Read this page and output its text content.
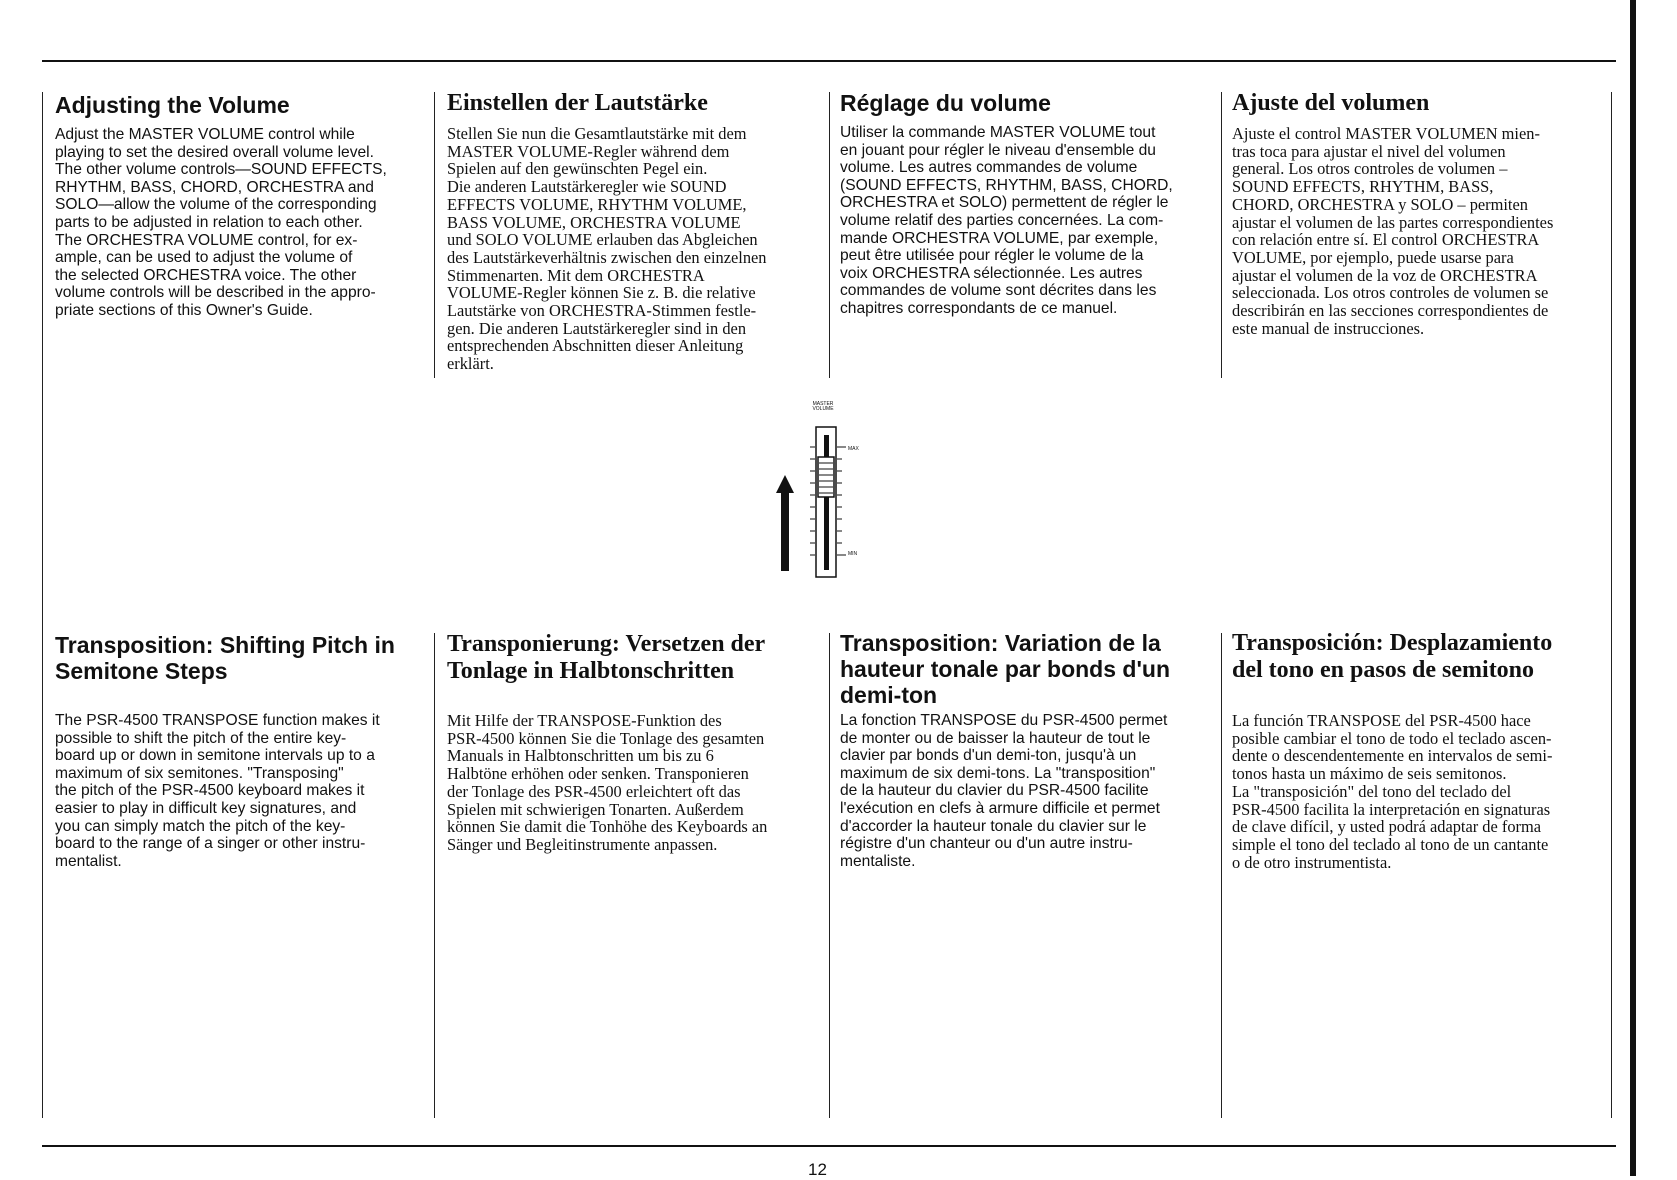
Adjusting the Volume

Adjust the MASTER VOLUME control while
playing to set the desired overall volume level.
The other volume controls—SOUND EFFECTS,
RHYTHM, BASS, CHORD, ORCHESTRA and
SOLO—allow the volume of the corresponding
parts to be adjusted in relation to each other.
The ORCHESTRA VOLUME control, for ex-
ample, can be used to adjust the volume of
the selected ORCHESTRA voice. The other
volume controls will be described in the appro-
priate sections of this Owner's Guide.

Einstellen der Lautstärke

Stellen Sie nun die Gesamtlautstärke mit dem
MASTER VOLUME-Regler während dem
Spielen auf den gewünschten Pegel ein.
Die anderen Lautstärkeregler wie SOUND
EFFECTS VOLUME, RHYTHM VOLUME,
BASS VOLUME, ORCHESTRA VOLUME
und SOLO VOLUME erlauben das Abgleichen
des Lautstärkeverhältnis zwischen den einzelnen
Stimmenarten. Mit dem ORCHESTRA
VOLUME-Regler können Sie z. B. die relative
Lautstärke von ORCHESTRA-Stimmen festle-
gen. Die anderen Lautstärkeregler sind in den
entsprechenden Abschnitten dieser Anleitung
erklärt.

Réglage du volume

Utiliser la commande MASTER VOLUME tout
en jouant pour régler le niveau d'ensemble du
volume. Les autres commandes de volume
(SOUND EFFECTS, RHYTHM, BASS, CHORD,
ORCHESTRA et SOLO) permettent de régler le
volume relatif des parties concernées. La com-
mande ORCHESTRA VOLUME, par exemple,
peut être utilisée pour régler le volume de la
voix ORCHESTRA sélectionnée. Les autres
commandes de volume sont décrites dans les
chapitres correspondants de ce manuel.

Ajuste del volumen

Ajuste el control MASTER VOLUMEN mien-
tras toca para ajustar el nivel del volumen
general. Los otros controles de volumen –
SOUND EFFECTS, RHYTHM, BASS,
CHORD, ORCHESTRA y SOLO – permiten
ajustar el volumen de las partes correspondientes
con relación entre sí. El control ORCHESTRA
VOLUME, por ejemplo, puede usarse para
ajustar el volumen de la voz de ORCHESTRA
seleccionada. Los otros controles de volumen se
describirán en las secciones correspondientes de
este manual de instrucciones.

MASTER
VOLUME
MAX
MIN
Transposition: Shifting Pitch in
Semitone Steps

The PSR-4500 TRANSPOSE function makes it
possible to shift the pitch of the entire key-
board up or down in semitone intervals up to a
maximum of six semitones. "Transposing"
the pitch of the PSR-4500 keyboard makes it
easier to play in difficult key signatures, and
you can simply match the pitch of the key-
board to the range of a singer or other instru-
mentalist.

Transponierung: Versetzen der
Tonlage in Halbtonschritten

Mit Hilfe der TRANSPOSE-Funktion des
PSR-4500 können Sie die Tonlage des gesamten
Manuals in Halbtonschritten um bis zu 6
Halbtöne erhöhen oder senken. Transponieren
der Tonlage des PSR-4500 erleichtert oft das
Spielen mit schwierigen Tonarten. Außerdem
können Sie damit die Tonhöhe des Keyboards an
Sänger und Begleitinstrumente anpassen.

Transposition: Variation de la
hauteur tonale par bonds d'un
demi-ton

La fonction TRANSPOSE du PSR-4500 permet
de monter ou de baisser la hauteur de tout le
clavier par bonds d'un demi-ton, jusqu'à un
maximum de six demi-tons. La "transposition"
de la hauteur du clavier du PSR-4500 facilite
l'exécution en clefs à armure difficile et permet
d'accorder la hauteur tonale du clavier sur le
régistre d'un chanteur ou d'un autre instru-
mentaliste.

Transposición: Desplazamiento
del tono en pasos de semitono

La función TRANSPOSE del PSR-4500 hace
posible cambiar el tono de todo el teclado ascen-
dente o descendentemente en intervalos de semi-
tonos hasta un máximo de seis semitonos.
La "transposición" del tono del teclado del
PSR-4500 facilita la interpretación en signaturas
de clave difícil, y usted podrá adaptar de forma
simple el tono del teclado al tono de un cantante
o de otro instrumentista.

12
